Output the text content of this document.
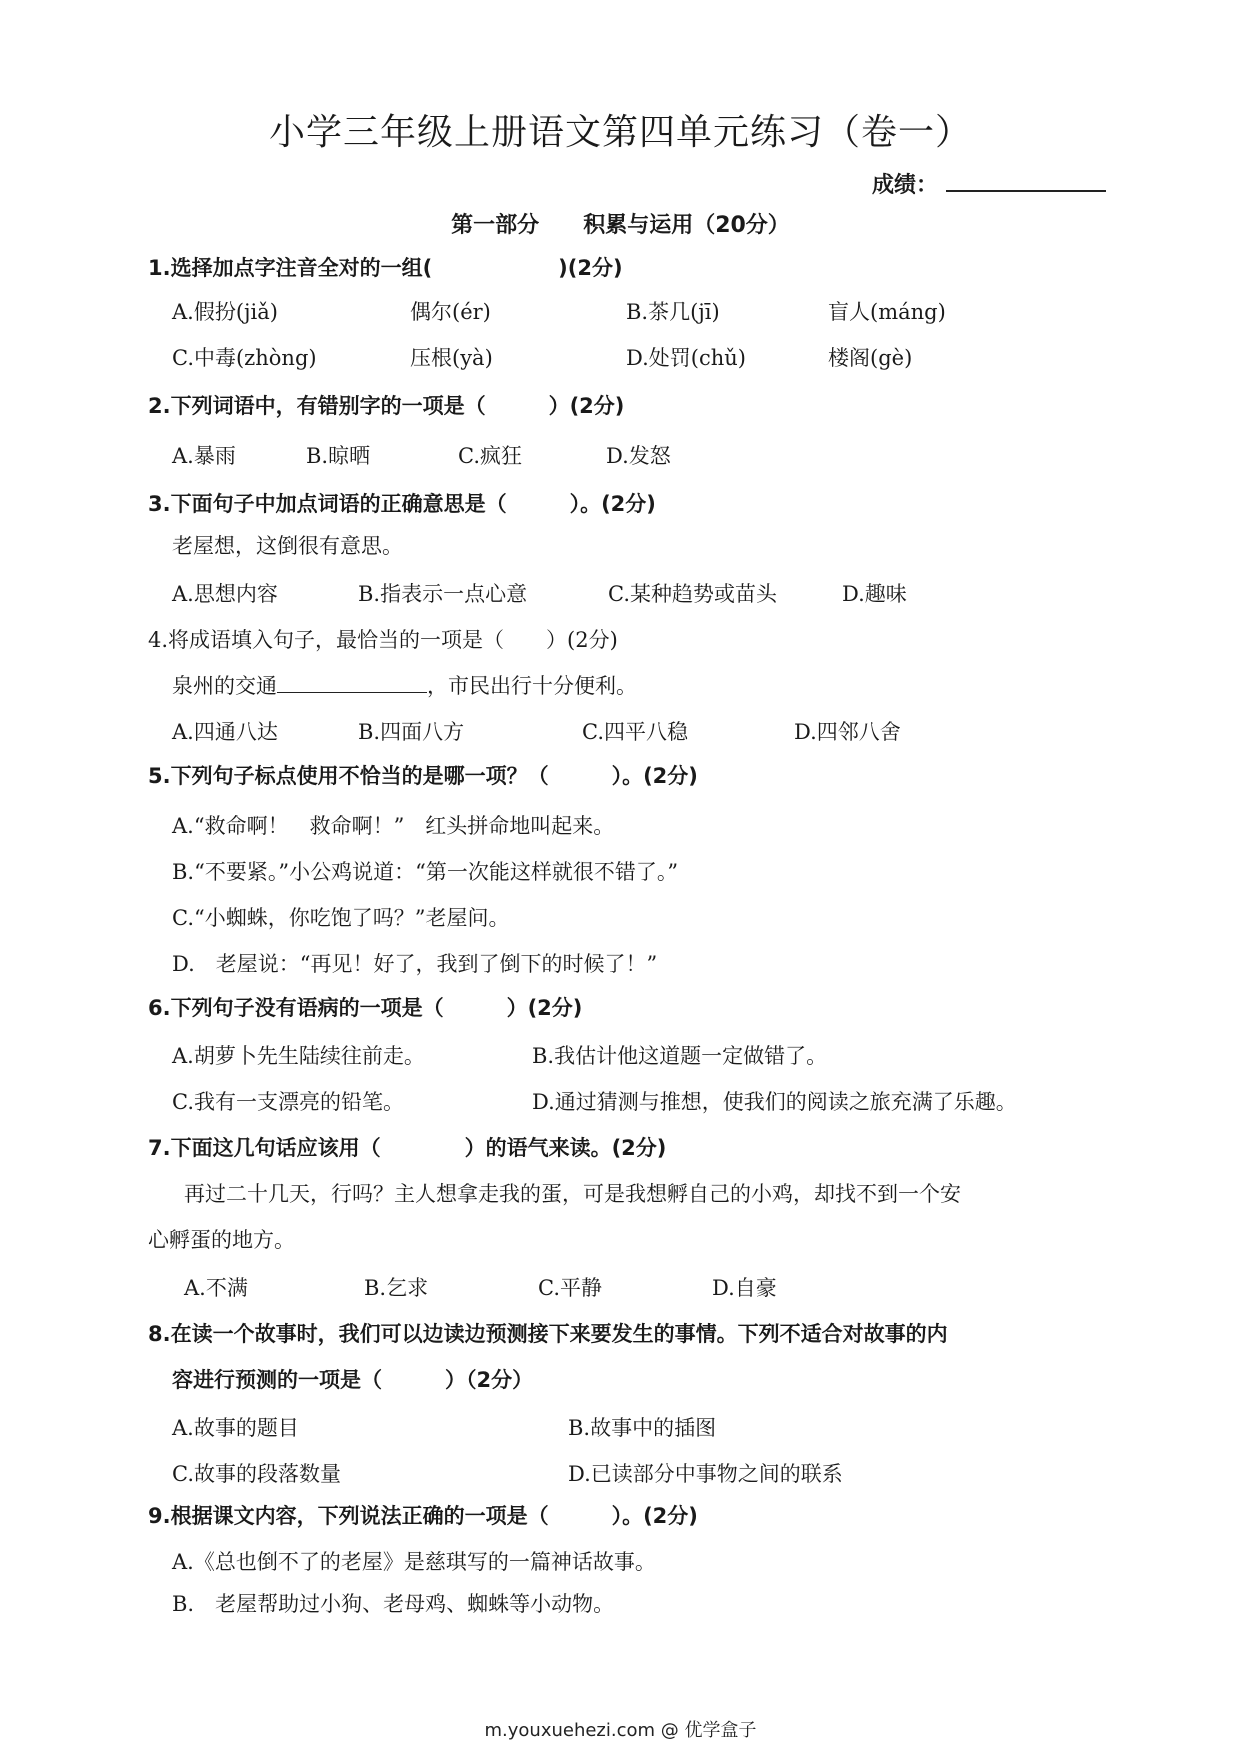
小学三年级上册语文第四单元练习（卷一）
成绩：
第一部分 积累与运用（20分）
1.选择加点字注音全对的一组(　　　　　　)(2分)
A.假扮(jiǎ)	偶尔(ér)	B.茶几(jī)	盲人(máng)
C.中毒(zhòng)	压根(yà)	D.处罚(chǔ)	楼阁(gè)
2.下列词语中，有错别字的一项是（　　　）(2分)
A.暴雨	B.晾晒	C.疯狂	D.发怒
3.下面句子中加点词语的正确意思是（　　　）。(2分)
老屋想，这倒很有意思。
A.思想内容	B.指表示一点心意	C.某种趋势或苗头	D.趣味
4.将成语填入句子，最恰当的一项是（　　）(2分)
泉州的交通	，市民出行十分便利。
A.四通八达	B.四面八方	C.四平八稳	D.四邻八舍
5.下列句子标点使用不恰当的是哪一项？（　　　）。(2分)
A.“救命啊！　救命啊！”　红头拼命地叫起来。
B.“不要紧。”小公鸡说道：“第一次能这样就很不错了。”
C.“小蜘蛛，你吃饱了吗？”老屋问。
D.　老屋说：“再见！好了，我到了倒下的时候了！”
6.下列句子没有语病的一项是（　　　）(2分)
A.胡萝卜先生陆续往前走。	B.我估计他这道题一定做错了。
C.我有一支漂亮的铅笔。	D.通过猜测与推想，使我们的阅读之旅充满了乐趣。
7.下面这几句话应该用（　　　　）的语气来读。(2分)
再过二十几天，行吗？主人想拿走我的蛋，可是我想孵自己的小鸡，却找不到一个安
心孵蛋的地方。
A.不满	B.乞求	C.平静	D.自豪
8.在读一个故事时，我们可以边读边预测接下来要发生的事情。下列不适合对故事的内
容进行预测的一项是（　　　）（2分）
A.故事的题目	B.故事中的插图
C.故事的段落数量	D.已读部分中事物之间的联系
9.根据课文内容，下列说法正确的一项是（　　　）。(2分)
A.《总也倒不了的老屋》是慈琪写的一篇神话故事。
B.　老屋帮助过小狗、老母鸡、蜘蛛等小动物。
m.youxuehezi.com @ 优学盒子
